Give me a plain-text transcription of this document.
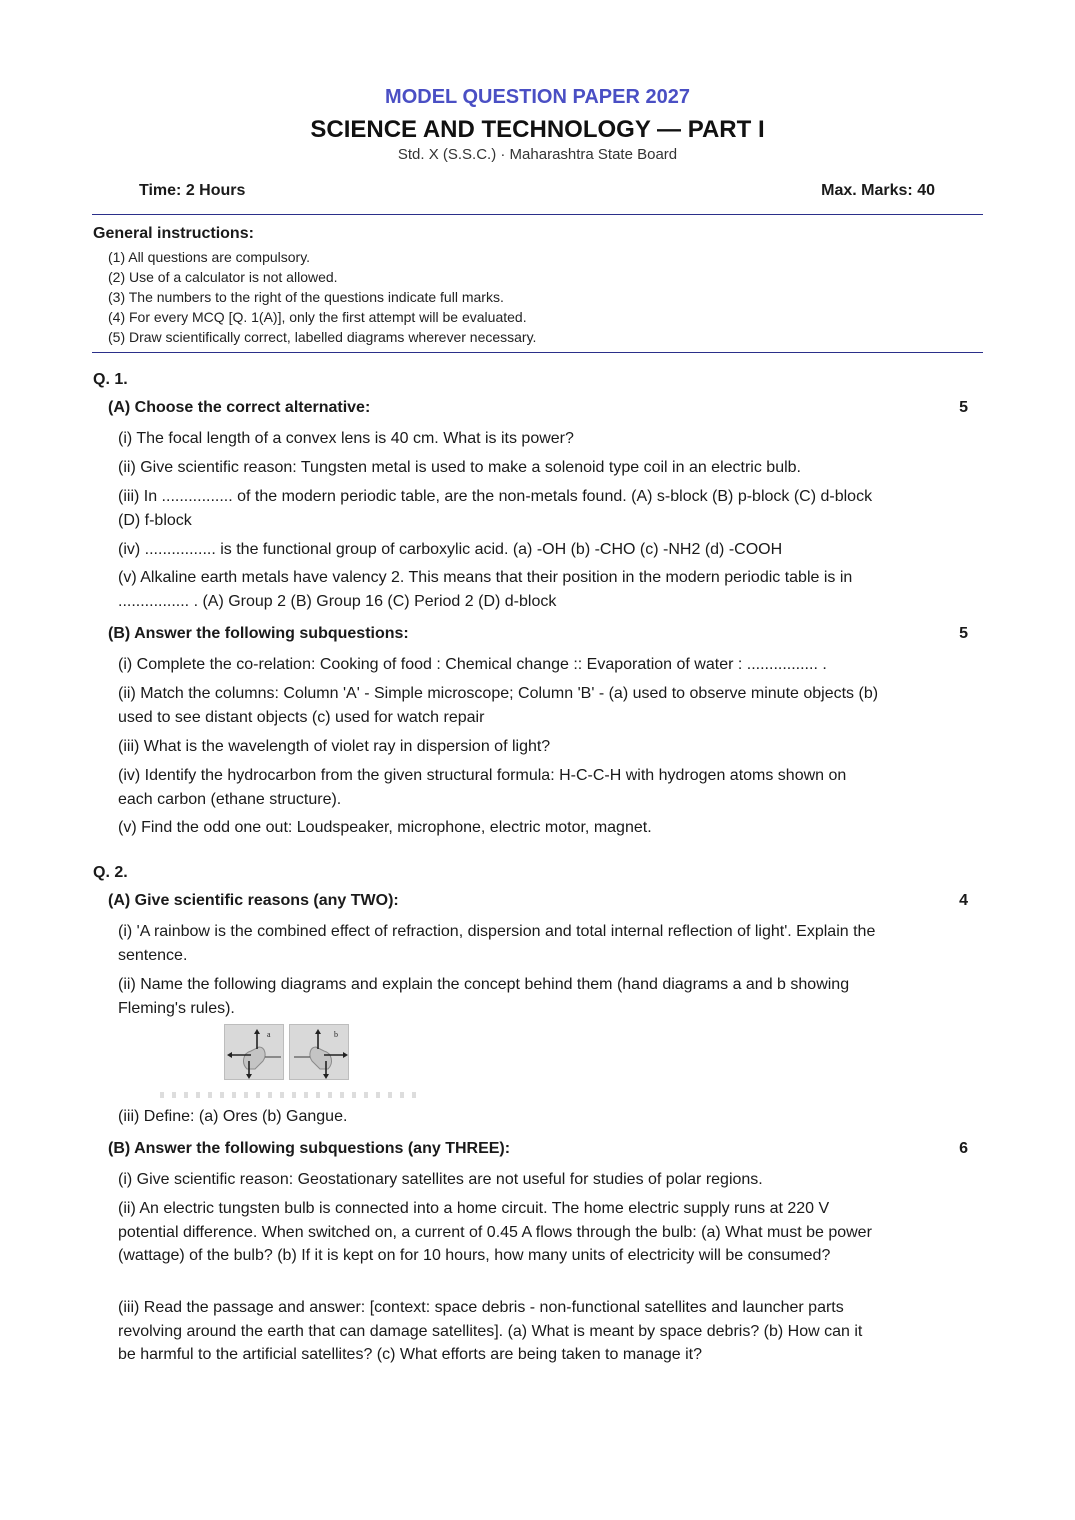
MODEL QUESTION PAPER 2027
SCIENCE AND TECHNOLOGY — PART I
Std. X (S.S.C.) · Maharashtra State Board
Time: 2 Hours	Max. Marks: 40
General instructions:
(1) All questions are compulsory.
(2) Use of a calculator is not allowed.
(3) The numbers to the right of the questions indicate full marks.
(4) For every MCQ [Q. 1(A)], only the first attempt will be evaluated.
(5) Draw scientifically correct, labelled diagrams wherever necessary.
Q. 1.
(A) Choose the correct alternative:	5
(i) The focal length of a convex lens is 40 cm. What is its power?
(ii) Give scientific reason: Tungsten metal is used to make a solenoid type coil in an electric bulb.
(iii) In ................ of the modern periodic table, are the non-metals found. (A) s-block (B) p-block (C) d-block (D) f-block
(iv) ................ is the functional group of carboxylic acid. (a) -OH (b) -CHO (c) -NH2 (d) -COOH
(v) Alkaline earth metals have valency 2. This means that their position in the modern periodic table is in ................ . (A) Group 2 (B) Group 16 (C) Period 2 (D) d-block
(B) Answer the following subquestions:	5
(i) Complete the co-relation: Cooking of food : Chemical change :: Evaporation of water : ................ .
(ii) Match the columns: Column 'A' - Simple microscope; Column 'B' - (a) used to observe minute objects (b) used to see distant objects (c) used for watch repair
(iii) What is the wavelength of violet ray in dispersion of light?
(iv) Identify the hydrocarbon from the given structural formula: H-C-C-H with hydrogen atoms shown on each carbon (ethane structure).
(v) Find the odd one out: Loudspeaker, microphone, electric motor, magnet.
Q. 2.
(A) Give scientific reasons (any TWO):	4
(i) 'A rainbow is the combined effect of refraction, dispersion and total internal reflection of light'. Explain the sentence.
(ii) Name the following diagrams and explain the concept behind them (hand diagrams a and b showing Fleming's rules).
a	b
(iii) Define: (a) Ores (b) Gangue.
(B) Answer the following subquestions (any THREE):	6
(i) Give scientific reason: Geostationary satellites are not useful for studies of polar regions.
(ii) An electric tungsten bulb is connected into a home circuit. The home electric supply runs at 220 V potential difference. When switched on, a current of 0.45 A flows through the bulb: (a) What must be power (wattage) of the bulb? (b) If it is kept on for 10 hours, how many units of electricity will be consumed?
(iii) Read the passage and answer: [context: space debris - non-functional satellites and launcher parts revolving around the earth that can damage satellites]. (a) What is meant by space debris? (b) How can it be harmful to the artificial satellites? (c) What efforts are being taken to manage it?
